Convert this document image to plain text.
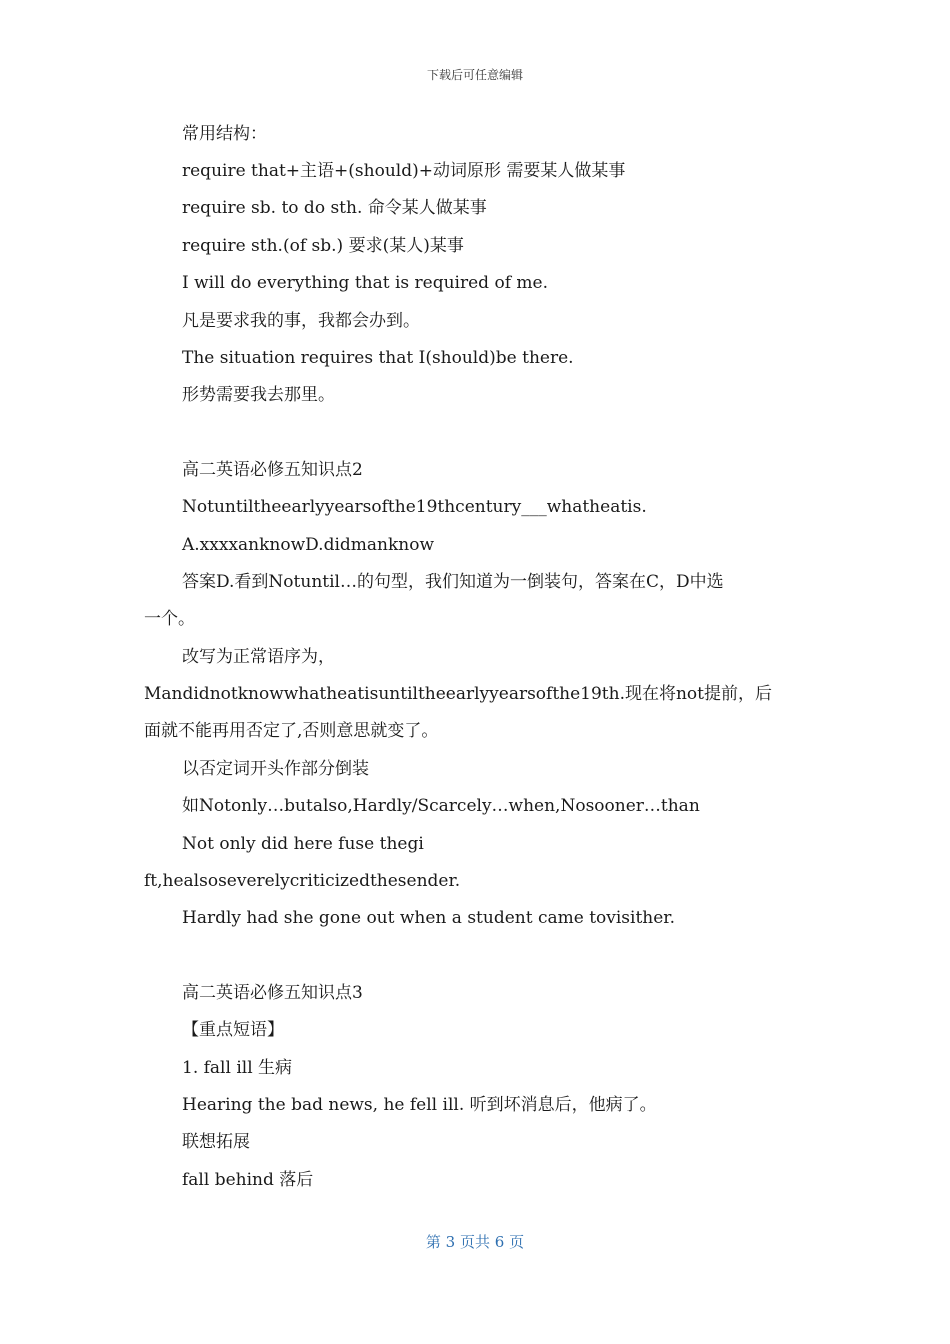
下载后可任意编辑
常用结构：
require that+主语+(should)+动词原形 需要某人做某事
require sb. to do sth. 命令某人做某事
require sth.(of sb.) 要求(某人)某事
I will do everything that is required of me.
凡是要求我的事，我都会办到。
The situation requires that I(should)be there.
形势需要我去那里。
高二英语必修五知识点2
Notuntiltheearlyyearsofthe19thcentury___whatheatis.
A.xxxxanknowD.didmanknow
答案D.看到Notuntil…的句型，我们知道为一倒装句，答案在C，D中选
一个。
改写为正常语序为，
Mandidnotknowwhatheatisuntiltheearlyyearsofthe19th.现在将not提前，后
面就不能再用否定了,否则意思就变了。
以否定词开头作部分倒装
如Notonly…butalso,Hardly/Scarcely…when,Nosooner…than
Not only did here fuse thegi
ft,healsoseverelycriticizedthesender.
Hardly had she gone out when a student came tovisither.
高二英语必修五知识点3
【重点短语】
1. fall ill 生病
Hearing the bad news, he fell ill. 听到坏消息后，他病了。
联想拓展
fall behind 落后
第 3 页共 6 页
